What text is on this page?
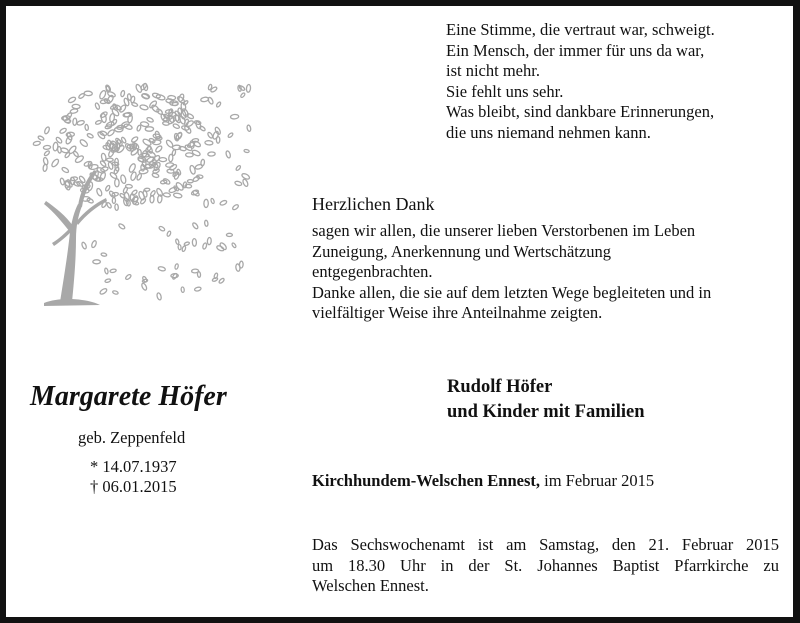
Eine Stimme, die vertraut war, schweigt.
Ein Mensch, der immer für uns da war,
ist nicht mehr.
Sie fehlt uns sehr.
Was bleibt, sind dankbare Erinnerungen,
die uns niemand nehmen kann.
Herzlichen Dank
sagen wir allen, die unserer lieben Verstorbenen im Leben
Zuneigung, Anerkennung und Wertschätzung
entgegenbrachten.
Danke allen, die sie auf dem letzten Wege begleiteten und in
vielfältiger Weise ihre Anteilnahme zeigten.
Margarete Höfer
geb. Zeppenfeld
* 14.07.1937
† 06.01.2015
Rudolf Höfer
und Kinder mit Familien
Kirchhundem-Welschen Ennest, im Februar 2015
Das Sechswochenamt ist am Samstag, den 21. Februar 2015
um 18.30 Uhr in der St. Johannes Baptist Pfarrkirche zu
Welschen Ennest.
